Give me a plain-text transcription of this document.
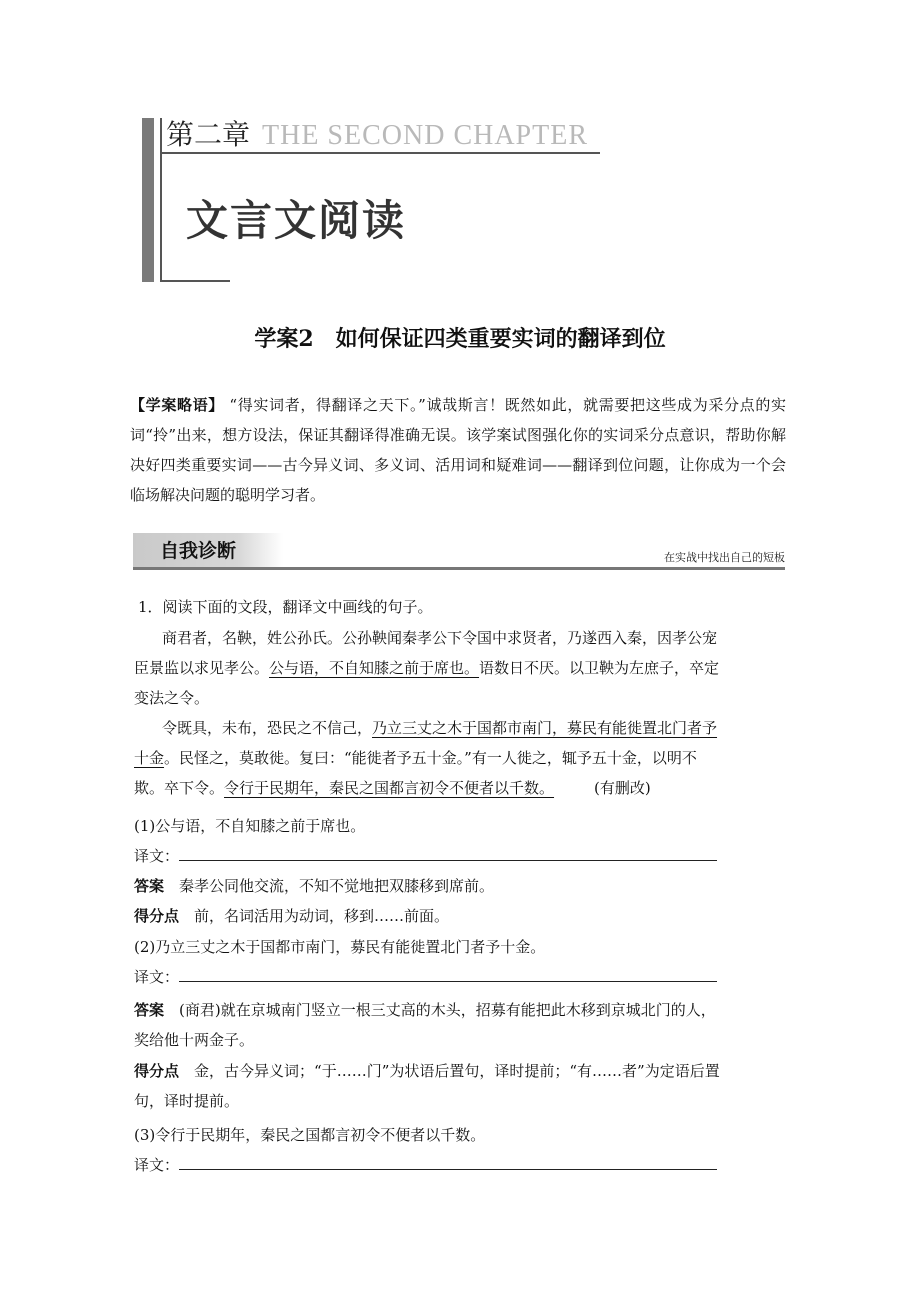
第二章 THE SECOND CHAPTER
文言文阅读
学案2　如何保证四类重要实词的翻译到位
【学案略语】 “得实词者，得翻译之天下。”诚哉斯言！既然如此，就需要把这些成为采分点的实词“拎”出来，想方设法，保证其翻译得准确无误。该学案试图强化你的实词采分点意识，帮助你解决好四类重要实词——古今异义词、多义词、活用词和疑难词——翻译到位问题，让你成为一个会临场解决问题的聪明学习者。
自我诊断	在实战中找出自己的短板
1．阅读下面的文段，翻译文中画线的句子。
商君者，名鞅，姓公孙氏。公孙鞅闻秦孝公下令国中求贤者，乃遂西入秦，因孝公宠
臣景监以求见孝公。公与语，不自知膝之前于席也。语数日不厌。以卫鞅为左庶子，卒定
变法之令。
令既具，未布，恐民之不信己，乃立三丈之木于国都市南门，募民有能徙置北门者予
十金。民怪之，莫敢徙。复曰：“能徙者予五十金。”有一人徙之，辄予五十金，以明不
欺。卒下令。令行于民期年，秦民之国都言初令不便者以千数。	(有删改)
(1)公与语，不自知膝之前于席也。
译文：
答案　 秦孝公同他交流，不知不觉地把双膝移到席前。
得分点　 前，名词活用为动词，移到……前面。
(2)乃立三丈之木于国都市南门，募民有能徙置北门者予十金。
译文：
答案　 (商君)就在京城南门竖立一根三丈高的木头，招募有能把此木移到京城北门的人，
奖给他十两金子。
得分点　 金，古今异义词；“于……门”为状语后置句，译时提前；“有……者”为定语后置
句，译时提前。
(3)令行于民期年，秦民之国都言初令不便者以千数。
译文：
